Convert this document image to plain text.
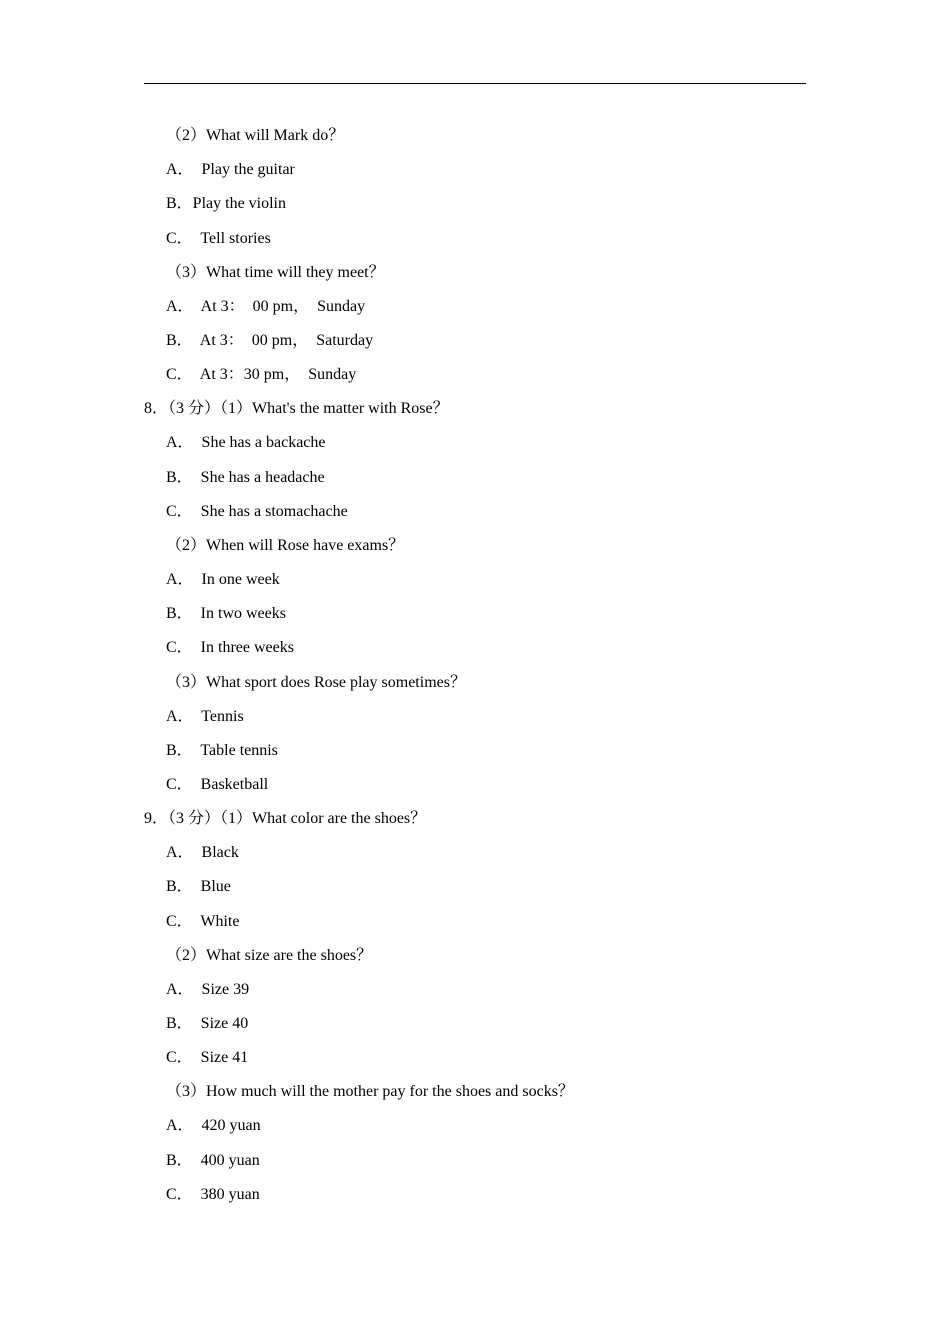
（2）What will Mark do？
A．  Play the guitar
B．Play the violin
C．  Tell stories
（3）What time will they meet？
A．  At 3：  00 pm，  Sunday
B．  At 3：  00 pm，  Saturday
C．  At 3：30 pm，  Sunday
8．（3 分）（1）What's the matter with Rose？
A．  She has a backache
B．  She has a headache
C．  She has a stomachache
（2）When will Rose have exams？
A．  In one week
B．  In two weeks
C．  In three weeks
（3）What sport does Rose play sometimes？
A．  Tennis
B．  Table tennis
C．  Basketball
9．（3 分）（1）What color are the shoes？
A．  Black
B．  Blue
C．  White
（2）What size are the shoes？
A．  Size 39
B．  Size 40
C．  Size 41
（3）How much will the mother pay for the shoes and socks？
A．  420 yuan
B．  400 yuan
C．  380 yuan
